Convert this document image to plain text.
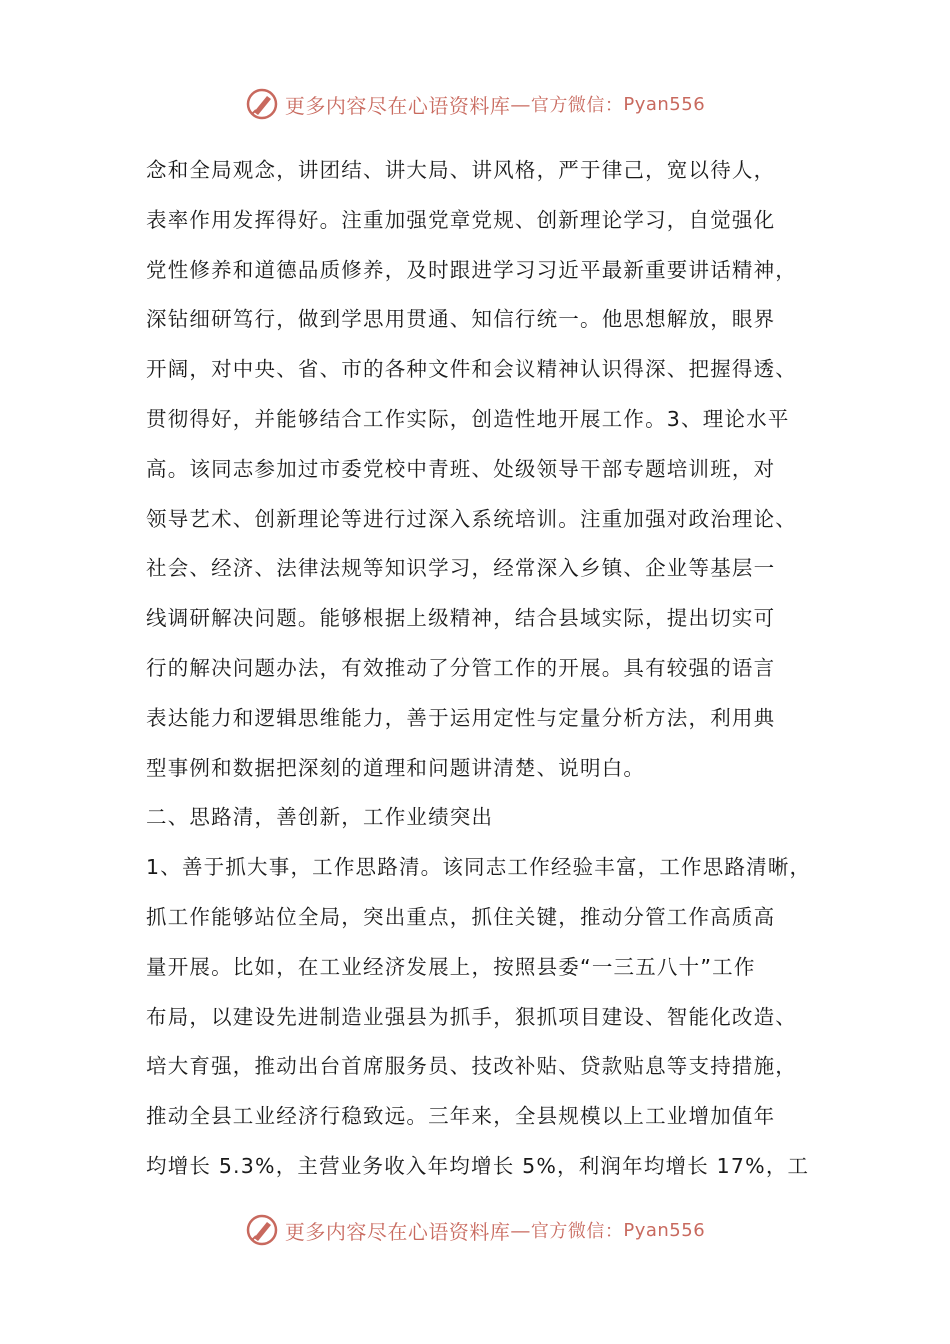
更多内容尽在心语资料库 — 官方微信： Pyan556
念和全局观念，讲团结、讲大局、讲风格，严于律己，宽以待人，
表率作用发挥得好。注重加强党章党规、创新理论学习，自觉强化
党性修养和道德品质修养，及时跟进学习习近平最新重要讲话精神，
深钻细研笃行，做到学思用贯通、知信行统一。他思想解放，眼界
开阔，对中央、省、市的各种文件和会议精神认识得深、把握得透、
贯彻得好，并能够结合工作实际，创造性地开展工作。3、理论水平
高。该同志参加过市委党校中青班、处级领导干部专题培训班，对
领导艺术、创新理论等进行过深入系统培训。注重加强对政治理论、
社会、经济、法律法规等知识学习，经常深入乡镇、企业等基层一
线调研解决问题。能够根据上级精神，结合县域实际，提出切实可
行的解决问题办法，有效推动了分管工作的开展。具有较强的语言
表达能力和逻辑思维能力，善于运用定性与定量分析方法，利用典
型事例和数据把深刻的道理和问题讲清楚、说明白。
二、思路清，善创新，工作业绩突出
1、善于抓大事，工作思路清。该同志工作经验丰富，工作思路清晰，
抓工作能够站位全局，突出重点，抓住关键，推动分管工作高质高
量开展。比如，在工业经济发展上，按照县委“一三五八十”工作
布局，以建设先进制造业强县为抓手，狠抓项目建设、智能化改造、
培大育强，推动出台首席服务员、技改补贴、贷款贴息等支持措施，
推动全县工业经济行稳致远。三年来，全县规模以上工业增加值年
均增长 5.3%，主营业务收入年均增长 5%，利润年均增长 17%，工
更多内容尽在心语资料库 — 官方微信： Pyan556
